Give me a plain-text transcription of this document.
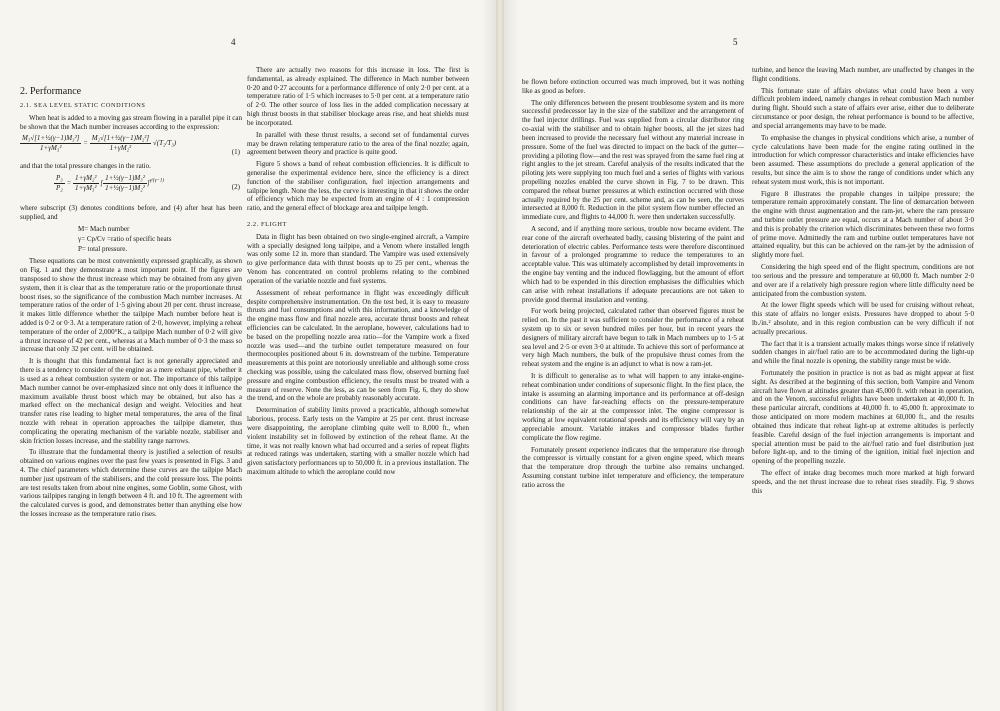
4
2. Performance

2.1. SEA LEVEL STATIC CONDITIONS

When heat is added to a moving gas stream flowing in a parallel pipe it can be shown that the Mach number increases according to the expression:

$\frac{\text{M₃√[1+½(γ−1)M₃²]}}{\text{1+γM₃²}} = \frac{\text{M₂√[1+½(γ−1)M₂²]}}{\text{1+γM₂²}} √(T_2/T_3)$
(1)

and that the total pressure changes in the ratio.

$\frac{\text{P₃}}{\text{P₂}} = \frac{\text{1+γM₂²}}{\text{1+γM₃²}}$ [ $\frac{\text{1+½(γ−1)M₃²}}{\text{1+½(γ−1)M₂²}} ]^{\gamma/(\gamma-1)}$
(2)

where subscript (3) denotes conditions before, and (4) after heat has been supplied, and

M= Mach number
γ= Cp/Cv =ratio of specific heats
P= total pressure.

These equations can be most conveniently expressed graphically, as shown on Fig. 1 and they demonstrate a most important point. If the figures are transposed to show the thrust increase which may be obtained from any given system, then it is clear that as the temperature ratio or the proportionate thrust boost rises, so the significance of the combustion Mach number increases. At temperature ratios of the order of 1·5 giving about 20 per cent. thrust increase, it makes little difference whether the tailpipe Mach number before heat is added is 0·2 or 0·3. At a temperature ration of 2·0, however, implying a reheat temperature of the order of 2,000°K., a tailpipe Mach number of 0·2 will give a thrust increase of 42 per cent., whereas at a Mach number of 0·3 the mass so increase that only 32 per cent. will be obtained.

It is thought that this fundamental fact is not generally appreciated and there is a tendency to consider of the engine as a mere exhaust pipe, whether it is used as a reheat combustion system or not. The importance of this tailpipe Mach number cannot be over-emphasized since not only does it influence the maximum available thrust boost which may be obtained, but also has a marked effect on the mechanical design and weight. Velocities and heat transfer rates rise leading to higher metal temperatures, the area of the final nozzle with reheat in operation approaches the tailpipe diameter, thus complicating the operating mechanism of the variable nozzle, stabiliser and skin friction losses increase, and the stability range narrows.

To illustrate that the fundamental theory is justified a selection of results obtained on various engines over the past few years is presented in Figs. 3 and 4. The chief parameters which determine these curves are the tailpipe Mach number just upstream of the stabilisers, and the cold pressure loss. The points are test results taken from about nine engines, some Goblin, some Ghost, with various tailpipes ranging in length between 4 ft. and 10 ft. The agreement with the calculated curves is good, and demonstrates better than anything else how the losses increase as the temperature ratio rises.

There are actually two reasons for this increase in loss. The first is fundamental, as already explained. The difference in Mach number between 0·20 and 0·27 accounts for a performance difference of only 2·0 per cent. at a temperature ratio of 1·5 which increases to 5·0 per cent. at a temperature ratio of 2·0. The other source of loss lies in the added complication necessary at high thrust boosts in that stabiliser blockage areas rise, and heat shields must be incorporated.

In parallel with these thrust results, a second set of fundamental curves may be drawn relating temperature ratio to the area of the final nozzle; again, agreement between theory and practice is quite good.

Figure 5 shows a band of reheat combustion efficiencies. It is difficult to generalise the experimental evidence here, since the efficiency is a direct function of the stabiliser configuration, fuel injection arrangements and tailpipe length. None the less, the curve is interesting in that it shows the order of efficiency which may be expected from an engine of 4 : 1 compression ratio, and the general effect of blockage area and tailpipe length.

2.2. FLIGHT

Data in flight has been obtained on two single-engined aircraft, a Vampire with a specially designed long tailpipe, and a Venom where installed length was only some 12 in. more than standard. The Vampire was used extensively to give performance data with thrust boosts up to 25 per cent., whereas the Venom has concentrated on control problems relating to the combined operation of the variable nozzle and fuel systems.

Assessment of reheat performance in flight was exceedingly difficult despite comprehensive instrumentation. On the test bed, it is easy to measure thrusts and fuel consumptions and with this information, and a knowledge of the engine mass flow and final nozzle area, accurate thrust boosts and reheat efficiencies can be calculated. In the aeroplane, however, calculations had to be based on the propelling nozzle area ratio—for the Vampire work a fixed nozzle was used—and the turbine outlet temperature measured on four thermocouples positioned about 6 in. downstream of the turbine. Temperature measurements at this point are notoriously unreliable and although some cross checking was possible, using the calculated mass flow, observed burning fuel pressure and engine combustion efficiency, the results must be treated with a measure of reserve. None the less, as can be seen from Fig. 6, they do show the trend, and on the whole are probably reasonably accurate.

Determination of stability limits proved a practicable, although somewhat laborious, process. Early tests on the Vampire at 25 per cent. thrust increase were disappointing, the aeroplane climbing quite well to 8,000 ft., when violent instability set in followed by extinction of the reheat flame. At the time, it was not really known what had occurred and a series of repeat flights at reduced ratings was undertaken, starting with a smaller nozzle which had given satisfactory performances up to 50,000 ft. in a previous installation. The maximum altitude to which the aeroplane could now

5

be flown before extinction occurred was much improved, but it was nothing like as good as before.

The only differences between the present troublesome system and its more successful predecessor lay in the size of the stabilizer and the arrangement of the fuel injector drillings. Fuel was supplied from a circular distributor ring co-axial with the stabiliser and to obtain higher boosts, all the jet sizes had been increased to provide the necessary fuel without any material increase in pressure. Some of the fuel was directed to impact on the back of the gutter—providing a piloting flow—and the rest was sprayed from the same fuel ring at right angles to the jet stream. Careful analysis of the results indicated that the piloting jets were supplying too much fuel and a series of flights with various propelling nozzles enabled the curve shown in Fig. 7 to be drawn. This compared the reheat burner pressures at which extinction occurred with those actually required by the 25 per cent. scheme and, as can be seen, the curves intersected at 8,000 ft. Reduction in the pilot system flow number effected an immediate cure, and flights to 44,000 ft. were then undertaken successfully.

A second, and if anything more serious, trouble now became evident. The rear cone of the aircraft overheated badly, causing blistering of the paint and deterioration of electric cables. Performance tests were therefore discontinued in favour of a prolonged programme to reduce the temperatures to an acceptable value. This was ultimately accomplished by detail improvements in the engine bay venting and the induced flowlagging, but the amount of effort which had to be expended in this direction emphasises the difficulties which can arise with reheat installations if adequate precautions are not taken to provide good thermal insulation and venting.

For work being projected, calculated rather than observed figures must be relied on. In the past it was sufficient to consider the performance of a reheat system up to six or seven hundred miles per hour, but in recent years the designers of military aircraft have begun to talk in Mach numbers up to 1·5 at sea level and 2·5 or even 3·0 at altitude. To achieve this sort of performance at very high Mach numbers, the bulk of the propulsive thrust comes from the reheat system and the engine is an adjunct to what is now a ram-jet.

It is difficult to generalise as to what will happen to any intake-engine-reheat combination under conditions of supersonic flight. In the first place, the intake is assuming an alarming importance and its performance at off-design conditions can have far-reaching effects on the pressure-temperature relationship of the air at the compressor inlet. The engine compressor is working at low equivalent rotational speeds and its efficiency will vary by an appreciable amount. Variable intakes and compressor blades further complicate the flow regime.

Fortunately present experience indicates that the temperature rise through the compressor is virtually constant for a given engine speed, which means that the temperature drop through the turbine also remains unchanged. Assuming constant turbine inlet temperature and efficiency, the temperature ratio across the

turbine, and hence the leaving Mach number, are unaffected by changes in the flight conditions.

This fortunate state of affairs obviates what could have been a very difficult problem indeed, namely changes in reheat combustion Mach number during flight. Should such a state of affairs ever arise, either due to deliberate circumstance or poor design, the reheat performance is bound to be affective, and special arrangements may have to be made.

To emphasise the changes in physical conditions which arise, a number of cycle calculations have been made for the engine rating outlined in the introduction for which compressor characteristics and intake efficiencies have been assumed. These assumptions do preclude a general application of the results, but since the aim is to show the range of conditions under which any reheat system must work, this is not important.

Figure 8 illustrates the propable changes in tailpipe pressure; the temperature remain approximately constant. The line of demarcation between the engine with thrust augmentation and the ram-jet, where the ram pressure and turbine outlet pressure are equal, occurs at a Mach number of about 3·0 and this is probably the criterion which discriminates between these two forms of prime move. Admittedly the ram and turbine outlet temperatures have not attained equality, but this can be achieved on the ram-jet by the admission of slightly more fuel.

Considering the high speed end of the flight spectrum, conditions are not too serious and the pressure and temperature at 60,000 ft. Mach number 2·0 and over are if a relatively high pressure region where little difficulty need be anticipated from the combustion system.

At the lower flight speeds which will be used for cruising without reheat, this state of affairs no longer exists. Pressures have dropped to about 5·0 lb./in.² absolute, and in this region combustion can be very difficult if not actually precarious.

The fact that it is a transient actually makes things worse since if relatively sudden changes in air/fuel ratio are to be accommodated during the light-up and while the final nozzle is opening, the stability range must be wide.

Fortunately the position in practice is not as bad as might appear at first sight. As described at the beginning of this section, both Vampire and Venom aircraft have flown at altitudes greater than 45,000 ft. with reheat in operation, and on the Venom, successful relights have been undertaken at 40,000 ft. In these particular aircraft, conditions at 40,000 ft. to 45,000 ft. approximate to those anticipated on more modern machines at 60,000 ft., and the results obtained thus indicate that reheat light-up at extreme altitudes is perfectly feasible. Careful design of the fuel injection arrangements is important and special attention must be paid to the air/fuel ratio and fuel distribution just before light-up, and to the timing of the ignition, initial fuel injection and opening of the propelling nozzle.

The effect of intake drag becomes much more marked at high forward speeds, and the net thrust increase due to reheat rises steadily. Fig. 9 shows this
